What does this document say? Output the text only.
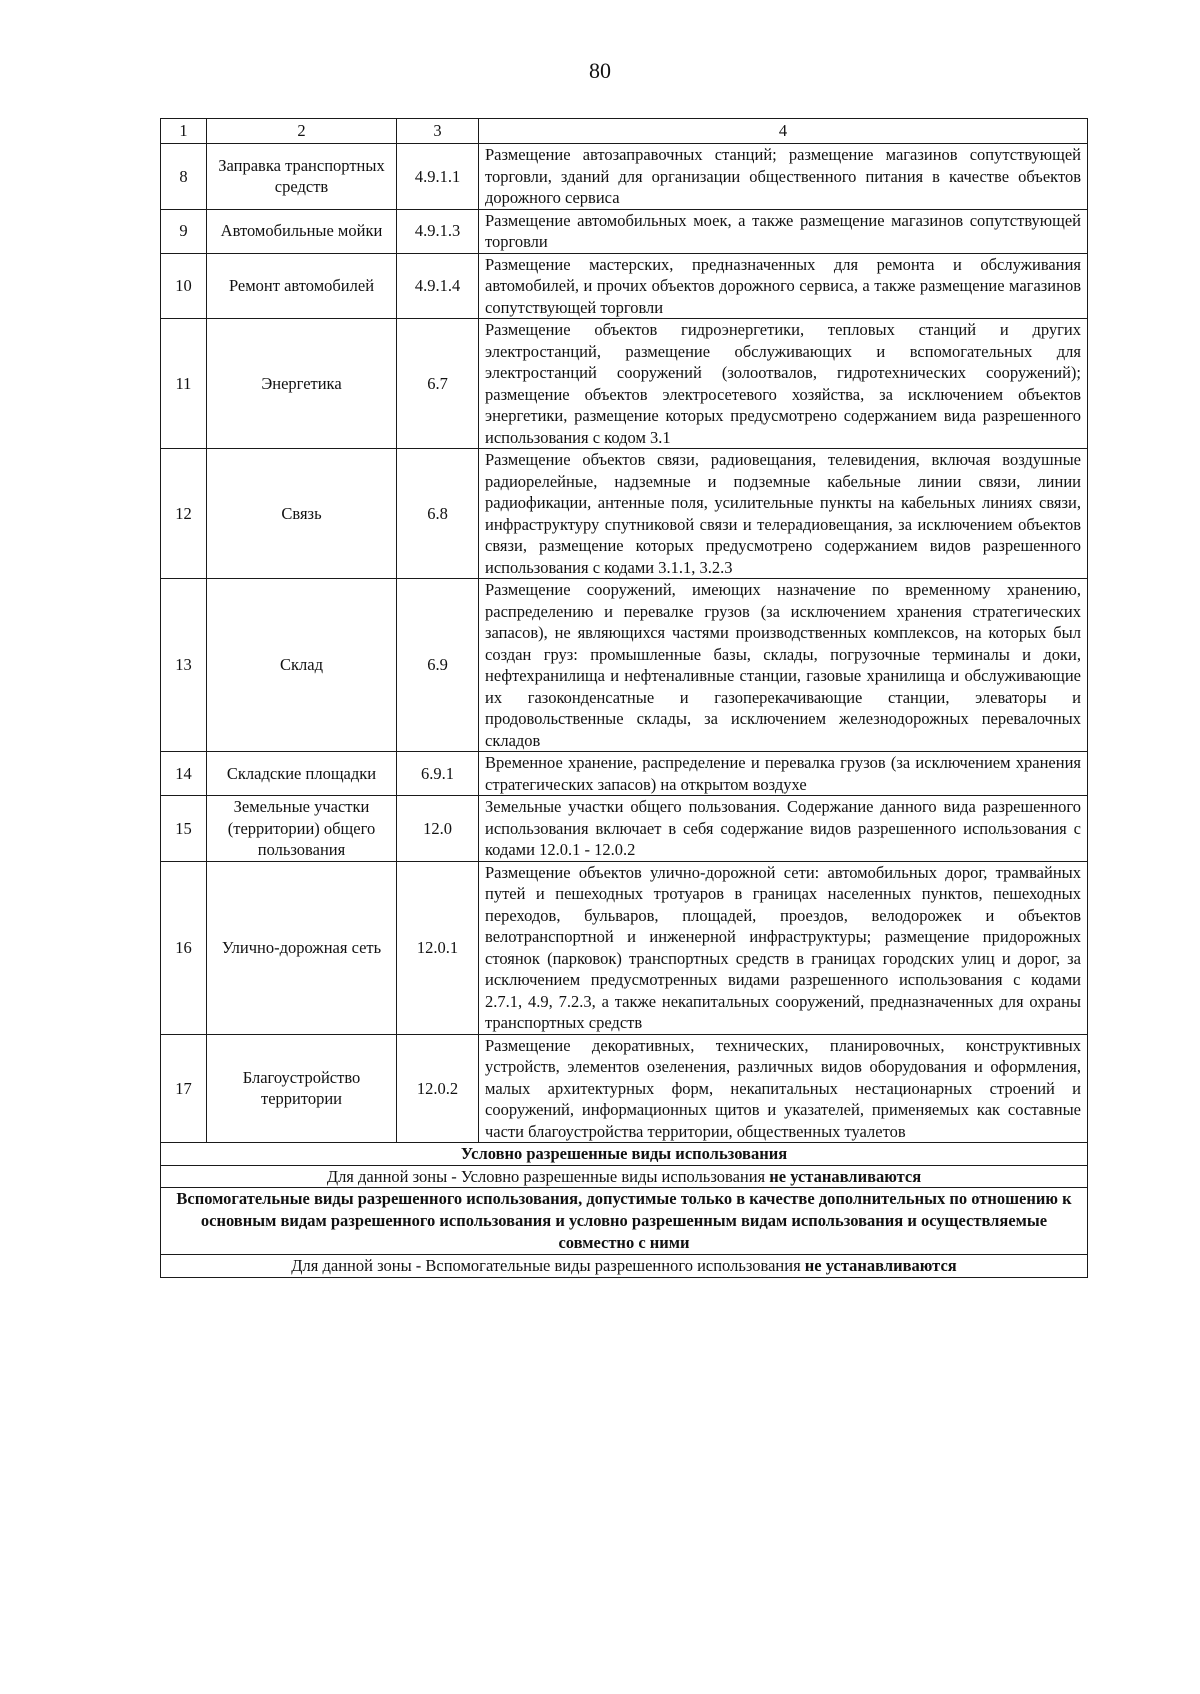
80
1	2	3	4
8	Заправка транспортных средств	4.9.1.1	Размещение автозаправочных станций; размещение магазинов сопутствующей торговли, зданий для организации общественного питания в качестве объектов дорожного сервиса
9	Автомобильные мойки	4.9.1.3	Размещение автомобильных моек, а также размещение магазинов сопутствующей торговли
10	Ремонт автомобилей	4.9.1.4	Размещение мастерских, предназначенных для ремонта и обслуживания автомобилей, и прочих объектов дорожного сервиса, а также размещение магазинов сопутствующей торговли
11	Энергетика	6.7	Размещение объектов гидроэнергетики, тепловых станций и других электростанций, размещение обслуживающих и вспомогательных для электростанций сооружений (золоотвалов, гидротехнических сооружений); размещение объектов электросетевого хозяйства, за исключением объектов энергетики, размещение которых предусмотрено содержанием вида разрешенного использования с кодом 3.1
12	Связь	6.8	Размещение объектов связи, радиовещания, телевидения, включая воздушные радиорелейные, надземные и подземные кабельные линии связи, линии радиофикации, антенные поля, усилительные пункты на кабельных линиях связи, инфраструктуру спутниковой связи и телерадиовещания, за исключением объектов связи, размещение которых предусмотрено содержанием видов разрешенного использования с кодами 3.1.1, 3.2.3
13	Склад	6.9	Размещение сооружений, имеющих назначение по временному хранению, распределению и перевалке грузов (за исключением хранения стратегических запасов), не являющихся частями производственных комплексов, на которых был создан груз: промышленные базы, склады, погрузочные терминалы и доки, нефтехранилища и нефтеналивные станции, газовые хранилища и обслуживающие их газоконденсатные и газоперекачивающие станции, элеваторы и продовольственные склады, за исключением железнодорожных перевалочных складов
14	Складские площадки	6.9.1	Временное хранение, распределение и перевалка грузов (за исключением хранения стратегических запасов) на открытом воздухе
15	Земельные участки (территории) общего пользования	12.0	Земельные участки общего пользования. Содержание данного вида разрешенного использования включает в себя содержание видов разрешенного использования с кодами 12.0.1 - 12.0.2
16	Улично-дорожная сеть	12.0.1	Размещение объектов улично-дорожной сети: автомобильных дорог, трамвайных путей и пешеходных тротуаров в границах населенных пунктов, пешеходных переходов, бульваров, площадей, проездов, велодорожек и объектов велотранспортной и инженерной инфраструктуры; размещение придорожных стоянок (парковок) транспортных средств в границах городских улиц и дорог, за исключением предусмотренных видами разрешенного использования с кодами 2.7.1, 4.9, 7.2.3, а также некапитальных сооружений, предназначенных для охраны транспортных средств
17	Благоустройство территории	12.0.2	Размещение декоративных, технических, планировочных, конструктивных устройств, элементов озеленения, различных видов оборудования и оформления, малых архитектурных форм, некапитальных нестационарных строений и сооружений, информационных щитов и указателей, применяемых как составные части благоустройства территории, общественных туалетов
Условно разрешенные виды использования			
Для данной зоны - Условно разрешенные виды использования не устанавливаются			
Вспомогательные виды разрешенного использования, допустимые только в качестве дополнительных по отношению к основным видам разрешенного использования и условно разрешенным видам использования и осуществляемые совместно с ними			
Для данной зоны - Вспомогательные виды разрешенного использования не устанавливаются			
